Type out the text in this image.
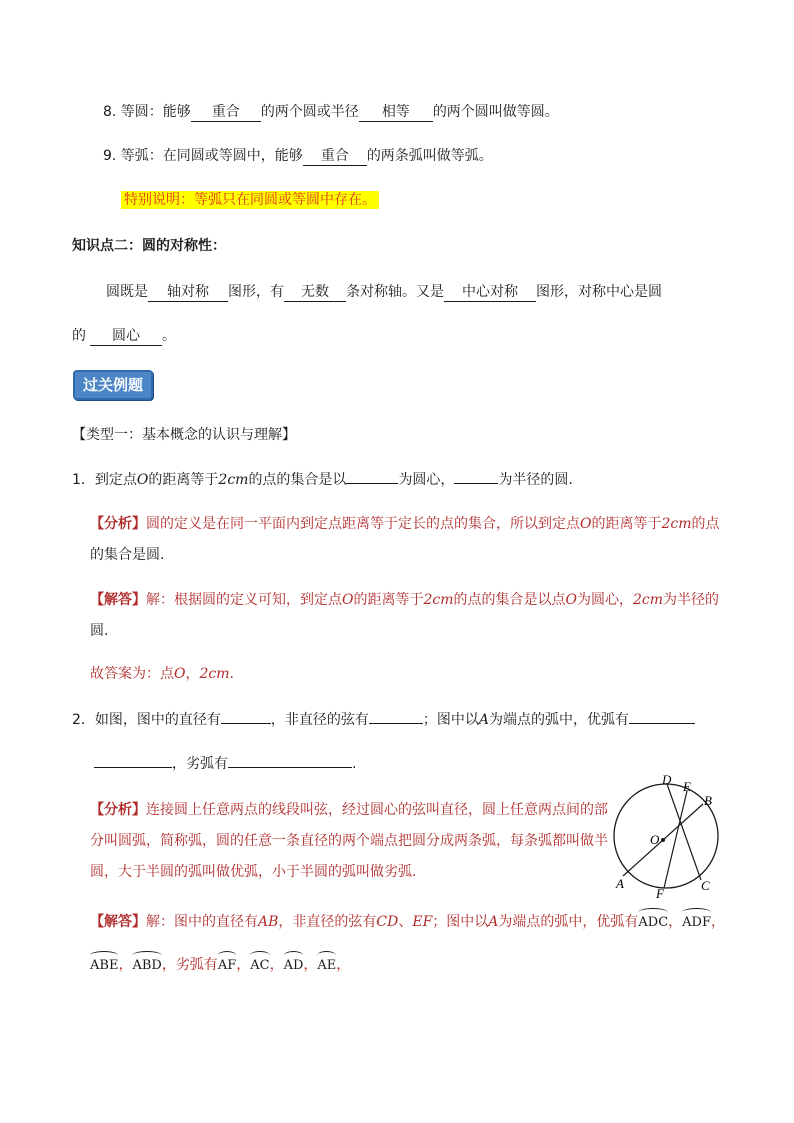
8. 等圆：能够 重合 的两个圆或半径 相等 的两个圆叫做等圆。
9. 等弧：在同圆或等圆中，能够 重合 的两条弧叫做等弧。
特别说明：等弧只在同圆或等圆中存在。
知识点二：圆的对称性：
圆既是 轴对称 图形，有 无数 条对称轴。又是 中心对称 图形，对称中心是圆
的 圆心 。
过关例题
【类型一：基本概念的认识与理解】
1．到定点O的距离等于2cm的点的集合是以	为圆心，	为半径的圆.
【分析】圆的定义是在同一平面内到定点距离等于定长的点的集合，所以到定点O的距离等于2cm的点
的集合是圆.
【解答】解：根据圆的定义可知，到定点O的距离等于2cm的点的集合是以点O为圆心，2cm为半径的
圆.
故答案为：点O，2cm.
2．如图，图中的直径有	，非直径的弦有	；图中以A为端点的弧中，优弧有
，劣弧有	.
【分析】连接圆上任意两点的线段叫弦，经过圆心的弦叫直径，圆上任意两点间的部
分叫圆弧，简称弧，圆的任意一条直径的两个端点把圆分成两条弧，每条弧都叫做半
圆，大于半圆的弧叫做优弧，小于半圆的弧叫做劣弧.
D E
B
O
A	C
F
【解答】解：图中的直径有AB，非直径的弦有CD、EF；图中以A为端点的弧中，优弧有ADC，ADF，
ABE，ABD，劣弧有AF，AC，AD，AE，
